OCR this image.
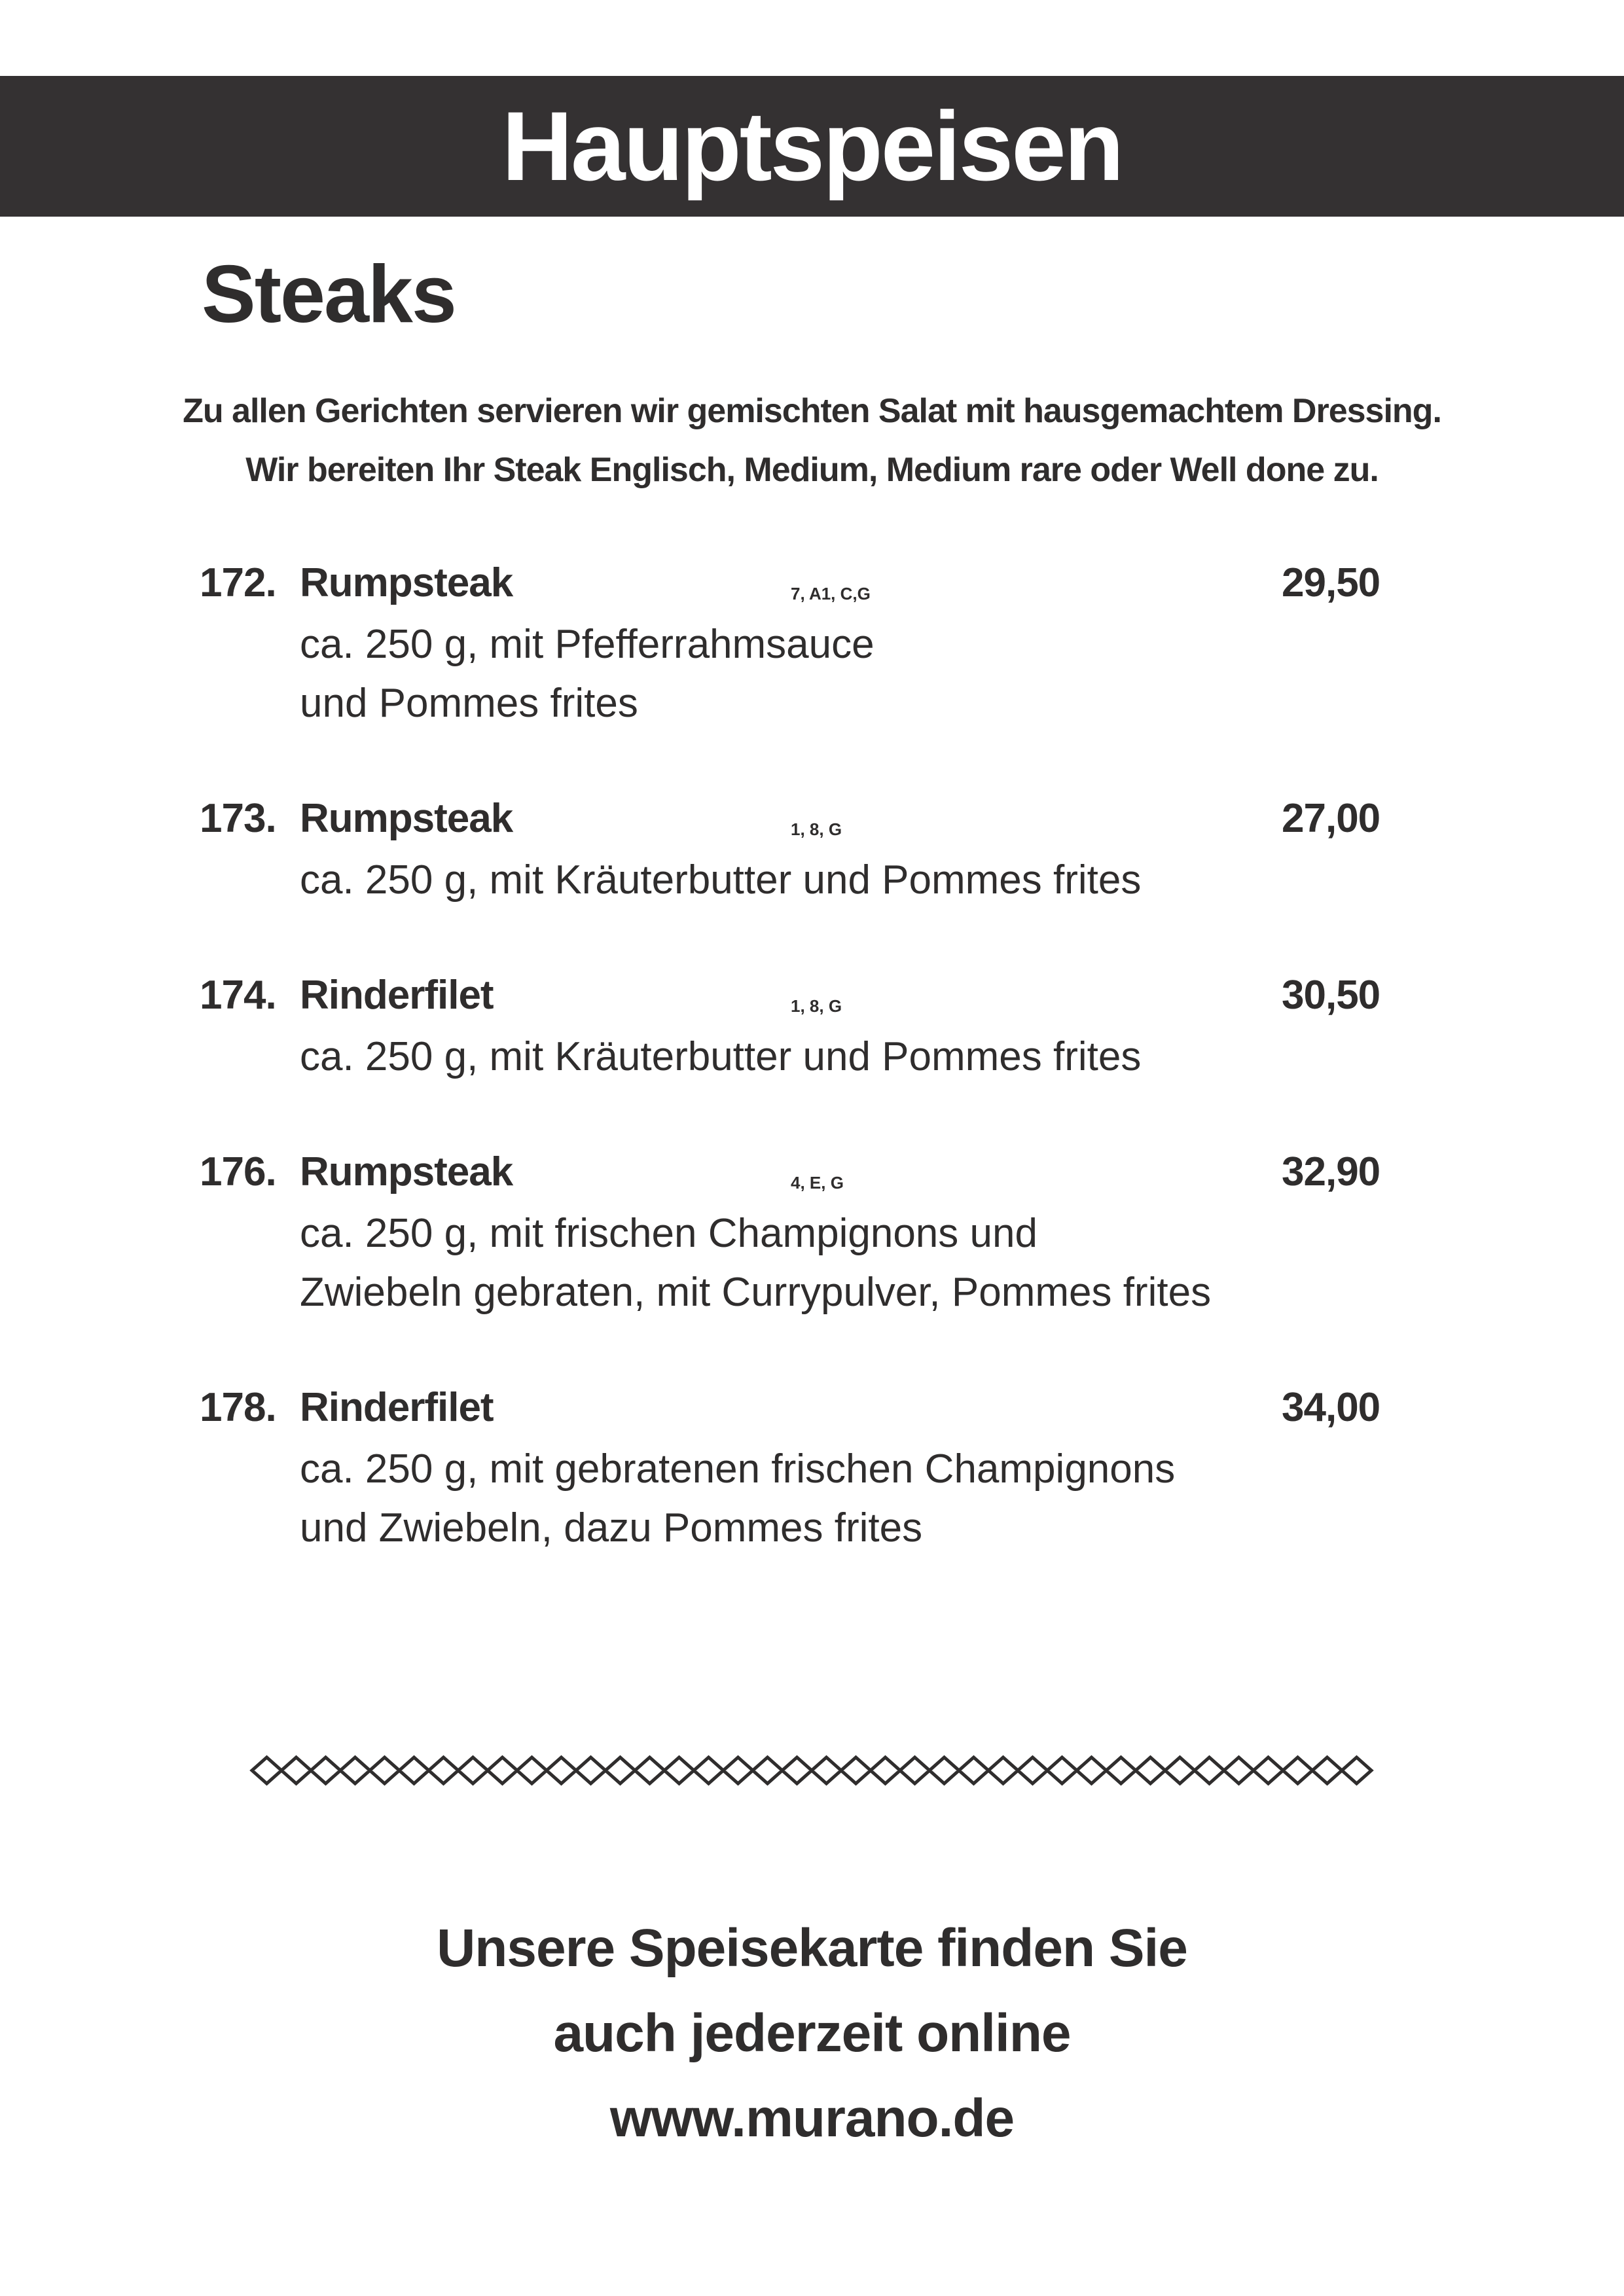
Hauptspeisen
Steaks
Zu allen Gerichten servieren wir gemischten Salat mit hausgemachtem Dressing.
Wir bereiten Ihr Steak Englisch, Medium, Medium rare oder Well done zu.
172. Rumpsteak	7, A1, C,G	29,50
ca. 250 g, mit Pfefferrahmsauce
und Pommes frites
173. Rumpsteak	1, 8, G	27,00
ca. 250 g, mit Kräuterbutter und Pommes frites
174. Rinderfilet	1, 8, G	30,50
ca. 250 g, mit Kräuterbutter und Pommes frites
176. Rumpsteak	4, E, G	32,90
ca. 250 g, mit frischen Champignons und
Zwiebeln gebraten, mit Currypulver, Pommes frites
178. Rinderfilet	34,00
ca. 250 g, mit gebratenen frischen Champignons
und Zwiebeln, dazu Pommes frites
Unsere Speisekarte finden Sie
auch jederzeit online
www.murano.de
